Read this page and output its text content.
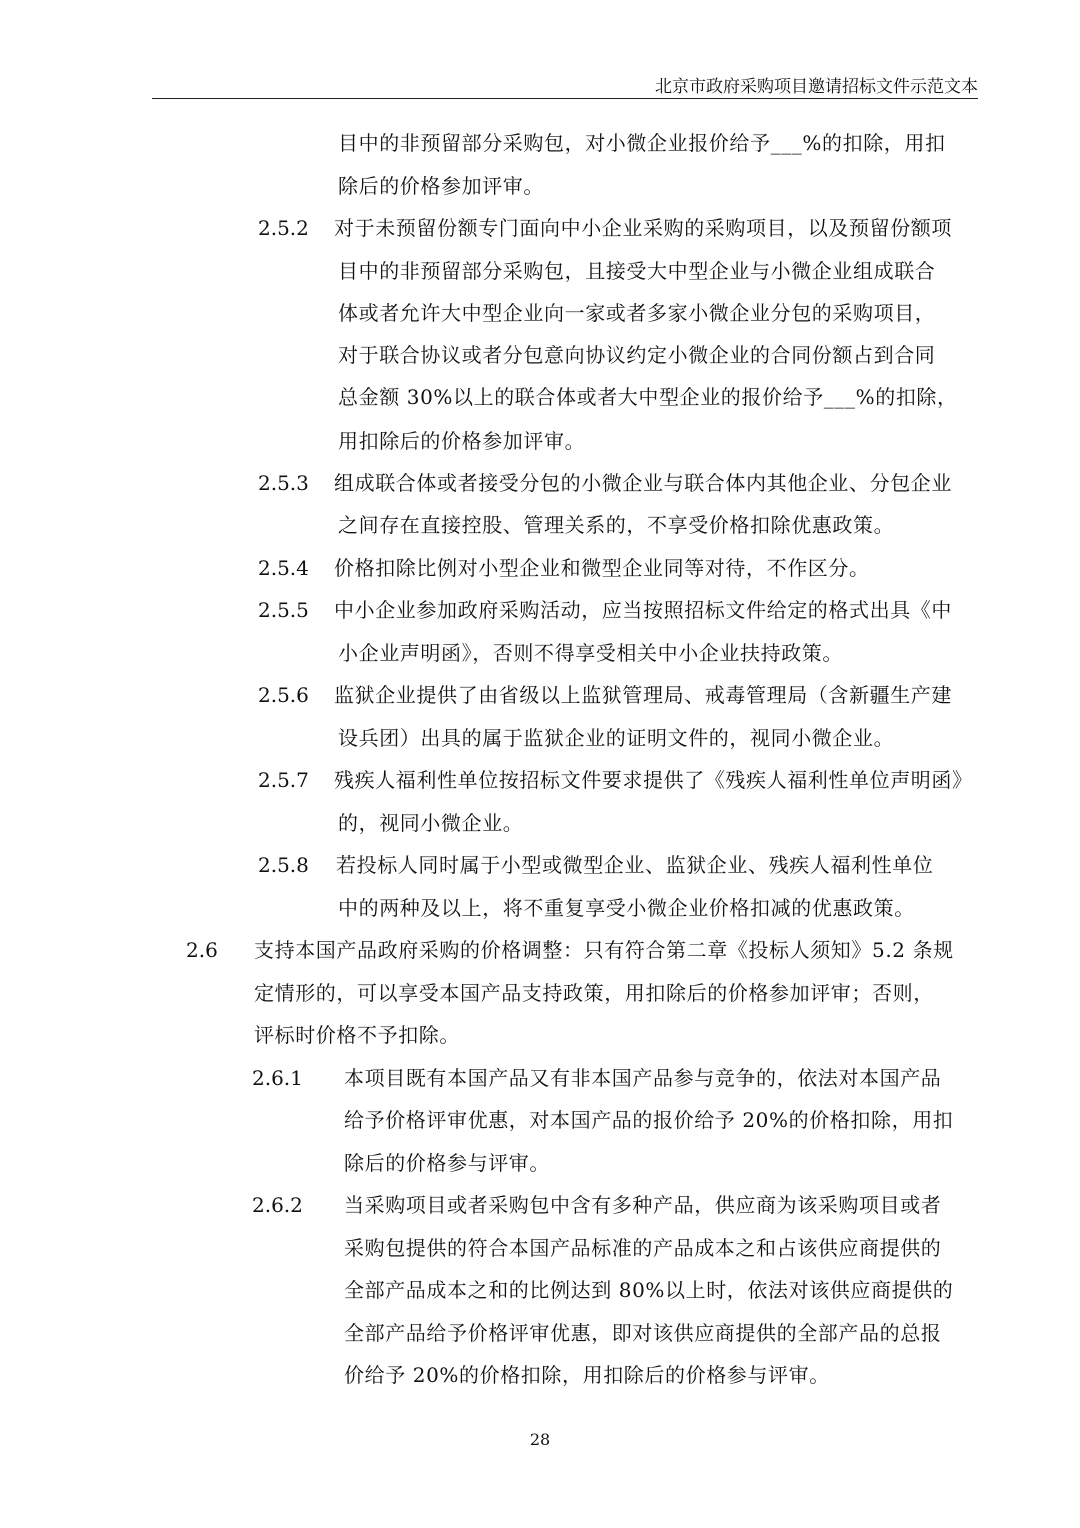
北京市政府采购项目邀请招标文件示范文本
目中的非预留部分采购包，对小微企业报价给予___%的扣除，用扣
除后的价格参加评审。
2.5.2 对于未预留份额专门面向中小企业采购的采购项目，以及预留份额项
目中的非预留部分采购包，且接受大中型企业与小微企业组成联合
体或者允许大中型企业向一家或者多家小微企业分包的采购项目，
对于联合协议或者分包意向协议约定小微企业的合同份额占到合同
总金额 30%以上的联合体或者大中型企业的报价给予___%的扣除，
用扣除后的价格参加评审。
2.5.3 组成联合体或者接受分包的小微企业与联合体内其他企业、分包企业
之间存在直接控股、管理关系的，不享受价格扣除优惠政策。
2.5.4 价格扣除比例对小型企业和微型企业同等对待，不作区分。
2.5.5 中小企业参加政府采购活动，应当按照招标文件给定的格式出具《中
小企业声明函》，否则不得享受相关中小企业扶持政策。
2.5.6 监狱企业提供了由省级以上监狱管理局、戒毒管理局（含新疆生产建
设兵团）出具的属于监狱企业的证明文件的，视同小微企业。
2.5.7 残疾人福利性单位按招标文件要求提供了《残疾人福利性单位声明函》
的，视同小微企业。
2.5.8 若投标人同时属于小型或微型企业、监狱企业、残疾人福利性单位
中的两种及以上，将不重复享受小微企业价格扣减的优惠政策。
2.6 支持本国产品政府采购的价格调整：只有符合第二章《投标人须知》5.2 条规
定情形的，可以享受本国产品支持政策，用扣除后的价格参加评审；否则，
评标时价格不予扣除。
2.6.1 本项目既有本国产品又有非本国产品参与竞争的，依法对本国产品
给予价格评审优惠，对本国产品的报价给予 20%的价格扣除，用扣
除后的价格参与评审。
2.6.2 当采购项目或者采购包中含有多种产品，供应商为该采购项目或者
采购包提供的符合本国产品标准的产品成本之和占该供应商提供的
全部产品成本之和的比例达到 80%以上时，依法对该供应商提供的
全部产品给予价格评审优惠，即对该供应商提供的全部产品的总报
价给予 20%的价格扣除，用扣除后的价格参与评审。
28
